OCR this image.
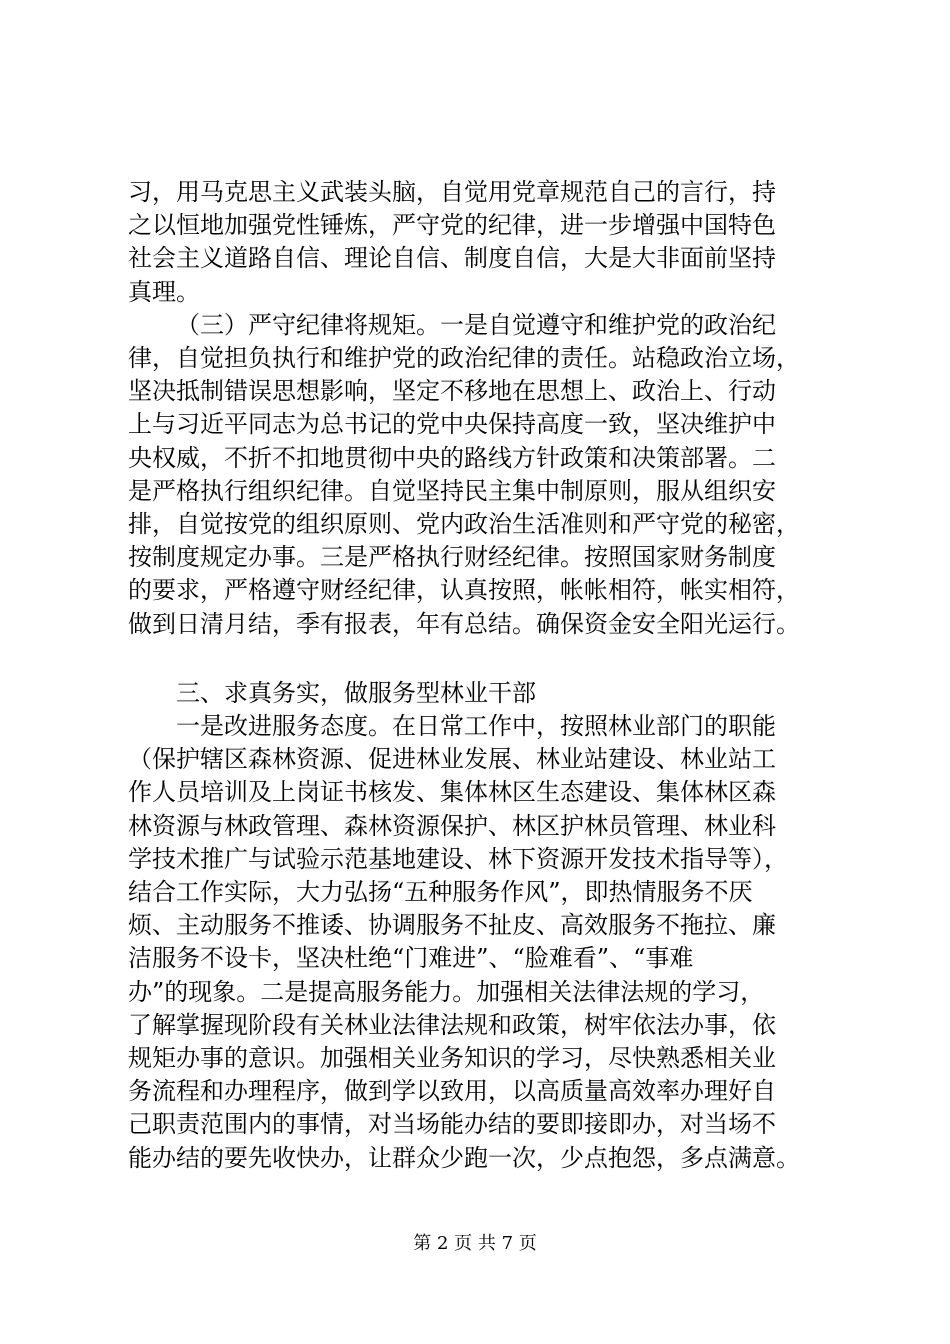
习，用马克思主义武装头脑，自觉用党章规范自己的言行，持
之以恒地加强党性锤炼，严守党的纪律，进一步增强中国特色
社会主义道路自信、理论自信、制度自信，大是大非面前坚持
真理。
（三）严守纪律将规矩。一是自觉遵守和维护党的政治纪
律，自觉担负执行和维护党的政治纪律的责任。站稳政治立场，
坚决抵制错误思想影响，坚定不移地在思想上、政治上、行动
上与习近平同志为总书记的党中央保持高度一致，坚决维护中
央权威，不折不扣地贯彻中央的路线方针政策和决策部署。二
是严格执行组织纪律。自觉坚持民主集中制原则，服从组织安
排，自觉按党的组织原则、党内政治生活准则和严守党的秘密，
按制度规定办事。三是严格执行财经纪律。按照国家财务制度
的要求，严格遵守财经纪律，认真按照，帐帐相符，帐实相符，
做到日清月结，季有报表，年有总结。确保资金安全阳光运行。
三、求真务实，做服务型林业干部
一是改进服务态度。在日常工作中，按照林业部门的职能
（保护辖区森林资源、促进林业发展、林业站建设、林业站工
作人员培训及上岗证书核发、集体林区生态建设、集体林区森
林资源与林政管理、森林资源保护、林区护林员管理、林业科
学技术推广与试验示范基地建设、林下资源开发技术指导等），
结合工作实际，大力弘扬“五种服务作风”，即热情服务不厌
烦、主动服务不推诿、协调服务不扯皮、高效服务不拖拉、廉
洁服务不设卡，坚决杜绝“门难进”、“脸难看”、“事难
办”的现象。二是提高服务能力。加强相关法律法规的学习，
了解掌握现阶段有关林业法律法规和政策，树牢依法办事，依
规矩办事的意识。加强相关业务知识的学习，尽快熟悉相关业
务流程和办理程序，做到学以致用，以高质量高效率办理好自
己职责范围内的事情，对当场能办结的要即接即办，对当场不
能办结的要先收快办，让群众少跑一次，少点抱怨，多点满意。
第 2 页 共 7 页
